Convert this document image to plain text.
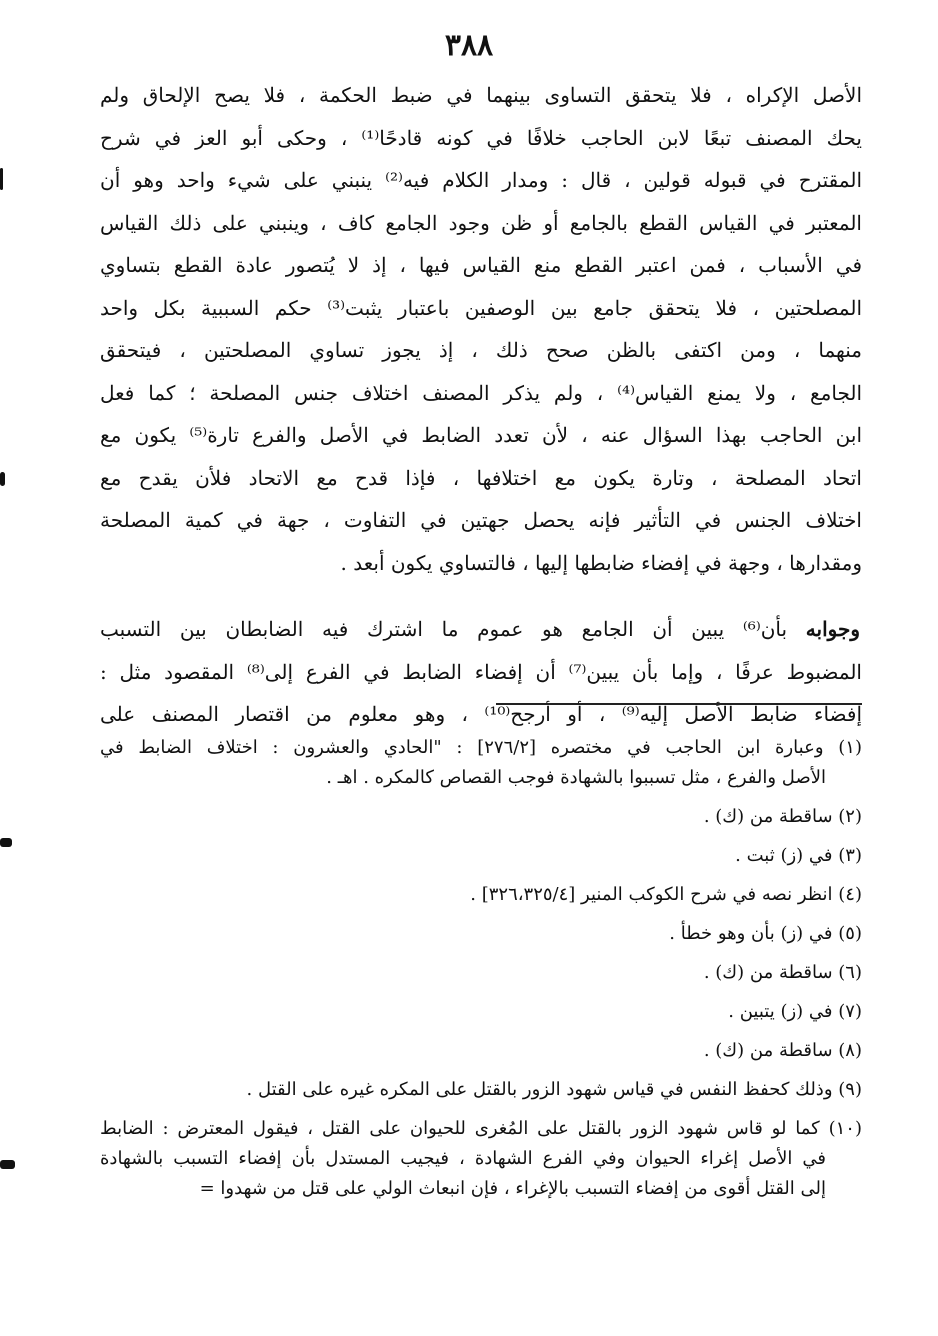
٣٨٨
الأصل الإكراه ، فلا يتحقق التساوى بينهما في ضبط الحكمة ، فلا يصح الإلحاق ولم
يحك المصنف تبعًا لابن الحاجب خلافًا في كونه قادحًا⁽¹⁾ ، وحكى أبو العز في شرح
المقترح في قبوله قولين ، قال : ومدار الكلام فيه⁽²⁾ ينبني على شيء واحد وهو أن
المعتبر في القياس القطع بالجامع أو ظن وجود الجامع كاف ، وينبني على ذلك القياس
في الأسباب ، فمن اعتبر القطع منع القياس فيها ، إذ لا يُتصور عادة القطع بتساوي
المصلحتين ، فلا يتحقق جامع بين الوصفين باعتبار يثبت⁽³⁾ حكم السببية بكل واحد
منهما ، ومن اكتفى بالظن صحح ذلك ، إذ يجوز تساوي المصلحتين ، فيتحقق
الجامع ، ولا يمنع القياس⁽⁴⁾ ، ولم يذكر المصنف اختلاف جنس المصلحة ؛ كما فعل
ابن الحاجب بهذا السؤال عنه ، لأن تعدد الضابط في الأصل والفرع تارة⁽⁵⁾ يكون مع
اتحاد المصلحة ، وتارة يكون مع اختلافها ، فإذا قدح مع الاتحاد فلأن يقدح مع
اختلاف الجنس في التأثير فإنه يحصل جهتين في التفاوت ، جهة في كمية المصلحة
ومقدارها ، وجهة في إفضاء ضابطها إليها ، فالتساوي يكون أبعد .
وجوابه بأن⁽⁶⁾ يبين أن الجامع هو عموم ما اشترك فيه الضابطان بين التسبب
المضبوط عرفًا ، وإما بأن يبين⁽⁷⁾ أن إفضاء الضابط في الفرع إلى⁽⁸⁾ المقصود مثل :
إفضاء ضابط الأصل إليه⁽⁹⁾ ، أو أرجح⁽¹⁰⁾ ، وهو معلوم من اقتصار المصنف على
(١) وعبارة ابن الحاجب في مختصره [٢٧٦/٢] : "الحادي والعشرون : اختلاف الضابط في
الأصل والفرع ، مثل تسببوا بالشهادة فوجب القصاص كالمكره . اهـ .
(٢) ساقطة من (ك) .
(٣) في (ز) ثبت .
(٤) انظر نصه في شرح الكوكب المنير [٣٢٦،٣٢٥/٤] .
(٥) في (ز) بأن وهو خطأ .
(٦) ساقطة من (ك) .
(٧) في (ز) يتبين .
(٨) ساقطة من (ك) .
(٩) وذلك كحفظ النفس في قياس شهود الزور بالقتل على المكره غيره على القتل .
(١٠) كما لو قاس شهود الزور بالقتل على المُغرى للحيوان على القتل ، فيقول المعترض : الضابط
في الأصل إغراء الحيوان وفي الفرع الشهادة ، فيجيب المستدل بأن إفضاء التسبب بالشهادة
إلى القتل أقوى من إفضاء التسبب بالإغراء ، فإن انبعاث الولي على قتل من شهدوا =
